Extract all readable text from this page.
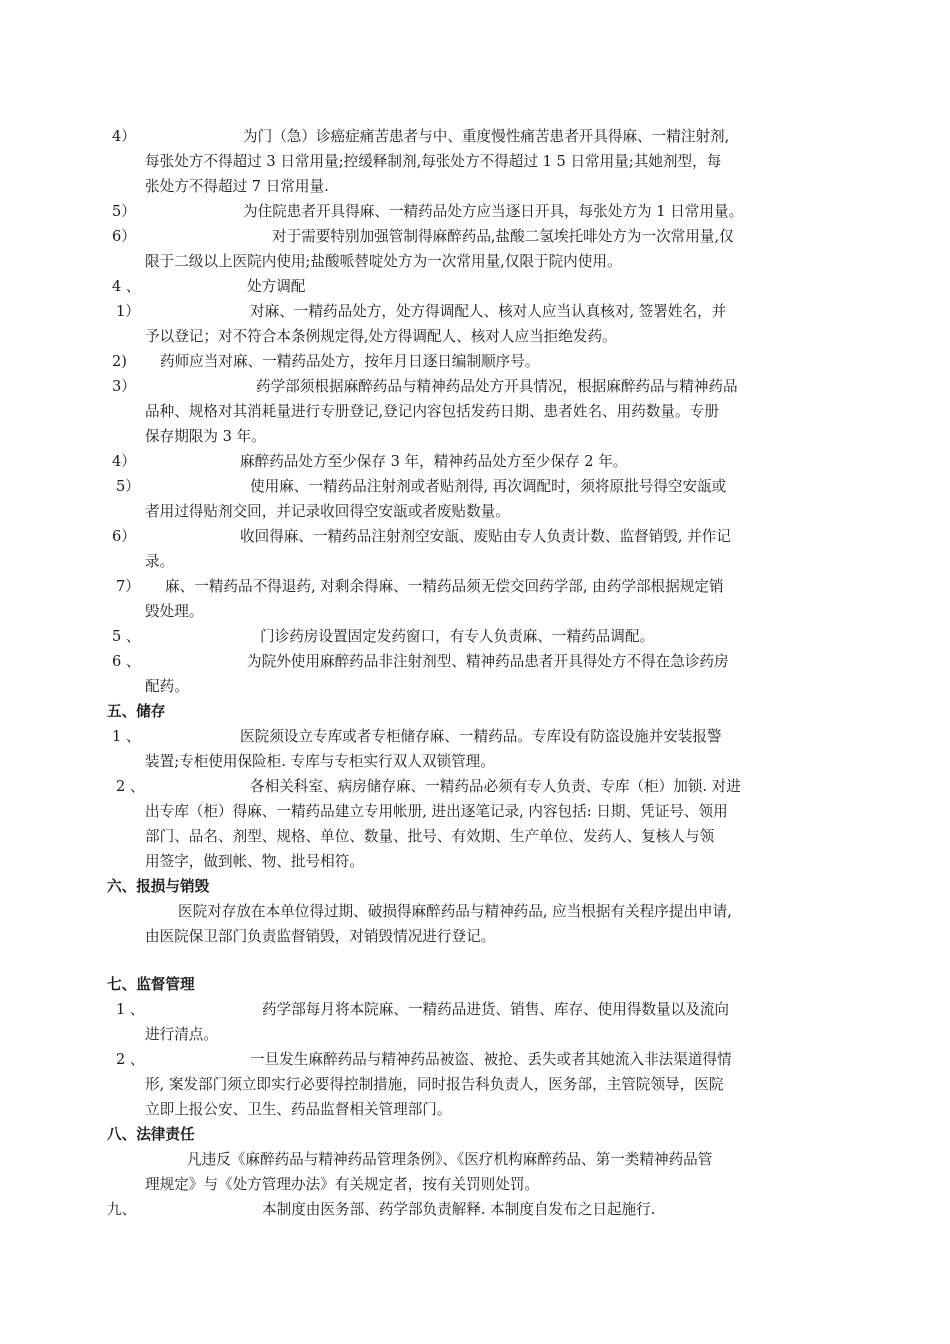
4）	为门（急）诊癌症痛苦患者与中、重度慢性痛苦患者开具得麻、一精注射剂,
每张处方不得超过 3 日常用量;控缓释制剂,每张处方不得超过 1 5 日常用量;其她剂型，每
张处方不得超过 7 日常用量.
5）	为住院患者开具得麻、一精药品处方应当逐日开具，每张处方为 1 日常用量。
6）	对于需要特别加强管制得麻醉药品,盐酸二氢埃托啡处方为一次常用量,仅
限于二级以上医院内使用;盐酸哌替啶处方为一次常用量,仅限于院内使用。
4 、	处方调配
1）	对麻、一精药品处方，处方得调配人、核对人应当认真核对, 签署姓名，并
予以登记；对不符合本条例规定得,处方得调配人、核对人应当拒绝发药。
2) 药师应当对麻、一精药品处方，按年月日逐日编制顺序号。
3）	药学部须根据麻醉药品与精神药品处方开具情况，根据麻醉药品与精神药品
品种、规格对其消耗量进行专册登记,登记内容包括发药日期、患者姓名、用药数量。专册
保存期限为 3 年。
4）	麻醉药品处方至少保存 3 年，精神药品处方至少保存 2 年。
5）	使用麻、一精药品注射剂或者贴剂得, 再次调配时，须将原批号得空安瓿或
者用过得贴剂交回，并记录收回得空安瓿或者废贴数量。
6）	收回得麻、一精药品注射剂空安瓿、废贴由专人负责计数、监督销毁, 并作记
录。
7） 麻、一精药品不得退药, 对剩余得麻、一精药品须无偿交回药学部, 由药学部根据规定销
毁处理。
5 、	门诊药房设置固定发药窗口，有专人负责麻、一精药品调配。
6 、	为院外使用麻醉药品非注射剂型、精神药品患者开具得处方不得在急诊药房
配药。
五、储存
1 、	医院须设立专库或者专柜储存麻、一精药品。专库设有防盗设施并安装报警
装置;专柜使用保险柜. 专库与专柜实行双人双锁管理。
2 、	各相关科室、病房储存麻、一精药品必须有专人负责、专库（柜）加锁. 对进
出专库（柜）得麻、一精药品建立专用帐册, 进出逐笔记录, 内容包括: 日期、凭证号、领用
部门、品名、剂型、规格、单位、数量、批号、有效期、生产单位、发药人、复核人与领
用签字，做到帐、物、批号相符。
六、报损与销毁
医院对存放在本单位得过期、破损得麻醉药品与精神药品, 应当根据有关程序提出申请,
由医院保卫部门负责监督销毁，对销毁情况进行登记。
七、监督管理
1 、	药学部每月将本院麻、一精药品进货、销售、库存、使用得数量以及流向
进行清点。
2 、	一旦发生麻醉药品与精神药品被盗、被抢、丢失或者其她流入非法渠道得情
形, 案发部门须立即实行必要得控制措施，同时报告科负责人，医务部，主管院领导，医院
立即上报公安、卫生、药品监督相关管理部门。
八、法律责任
凡违反《麻醉药品与精神药品管理条例》、《医疗机构麻醉药品、第一类精神药品管
理规定》与《处方管理办法》有关规定者，按有关罚则处罚。
九、	本制度由医务部、药学部负责解释. 本制度自发布之日起施行.
